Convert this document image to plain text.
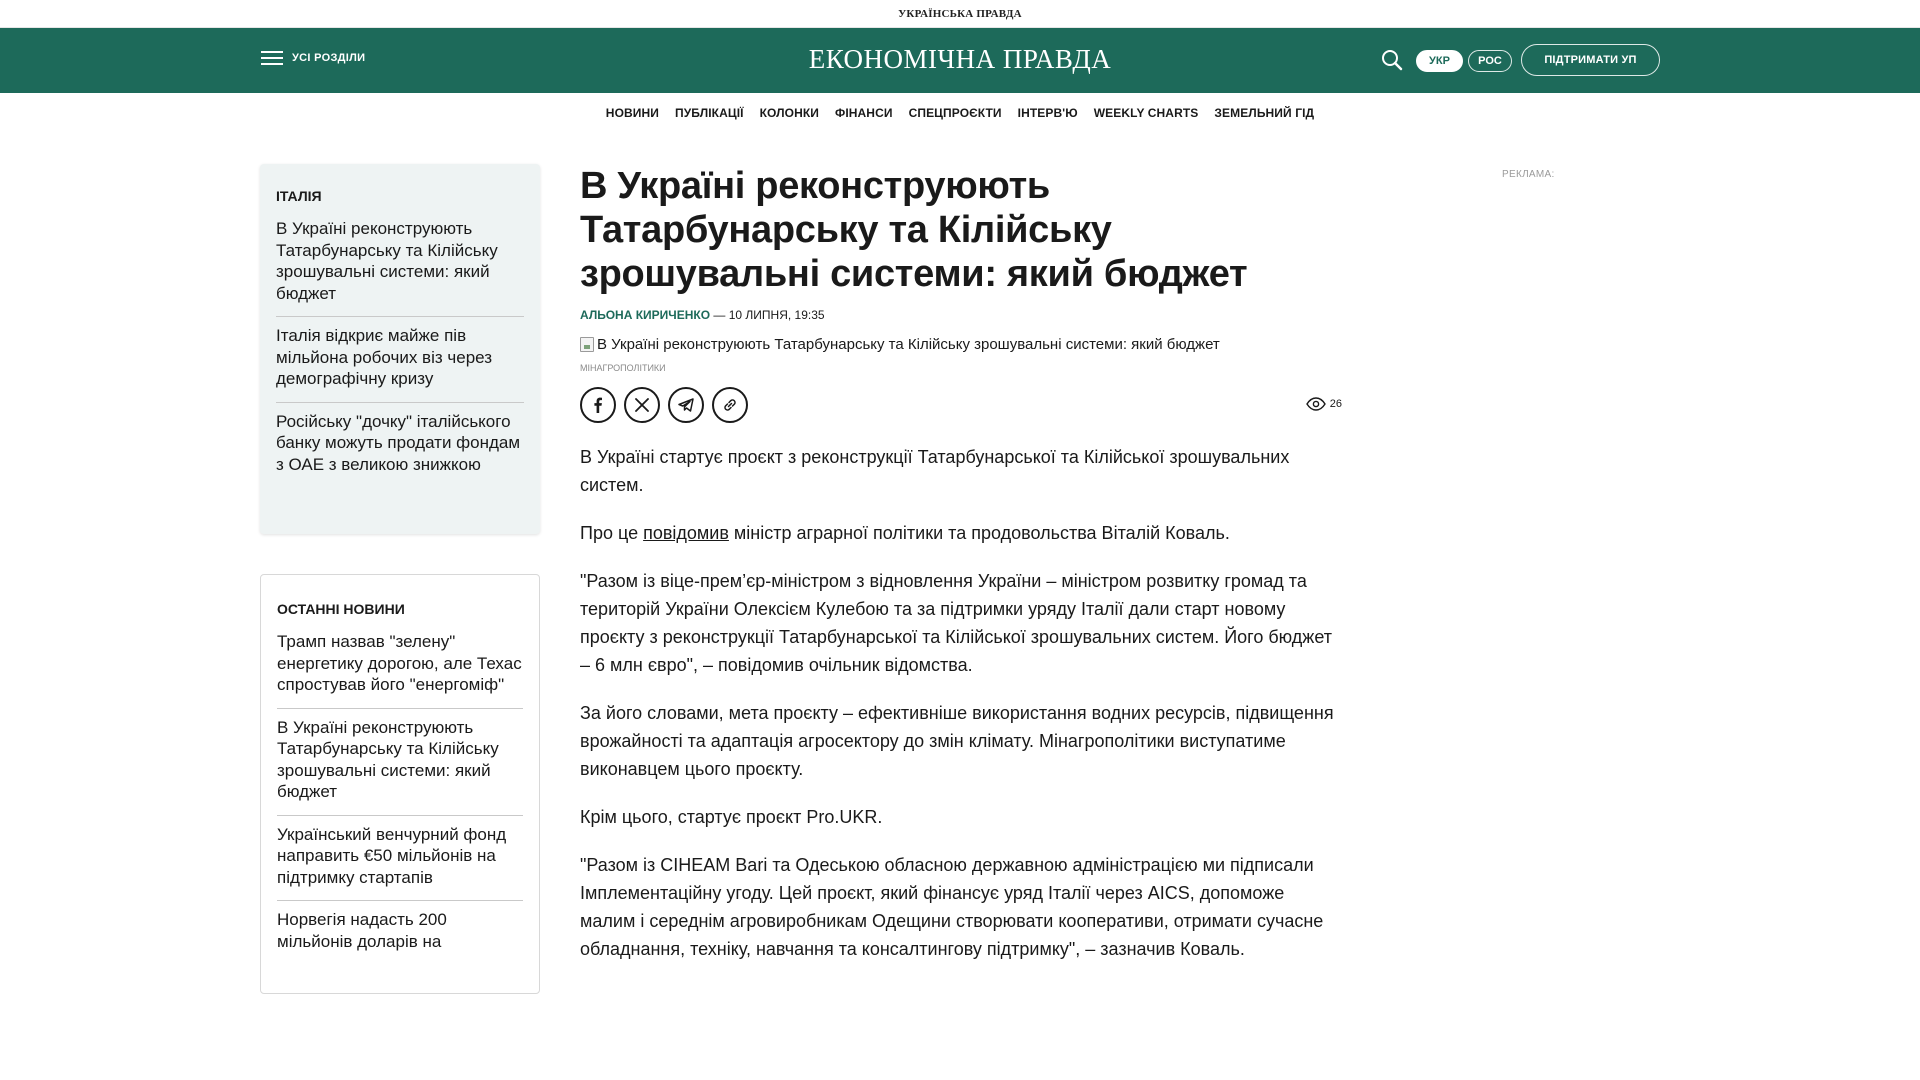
УКРАЇНСЬКА ПРАВДА
УСІ РОЗДІЛИ	ЕКОНОМІЧНА ПРАВДА	УКР	РОС	ПІДТРИМАТИ УП
НОВИНИ ПУБЛІКАЦІЇ КОЛОНКИ ФІНАНСИ СПЕЦПРОЄКТИ ІНТЕРВ'Ю WEEKLY CHARTS ЗЕМЕЛЬНИЙ ГІД
ІТАЛІЯ
В Україні реконструюють Татарбунарську та Кілійську зрошувальні системи: який бюджет
Італія відкриє майже пів мільйона робочих віз через демографічну кризу
Російську "дочку" італійського банку можуть продати фондам з ОАЕ з великою знижкою
ОСТАННІ НОВИНИ
Трамп назвав "зелену" енергетику дорогою, але Техас спростував його "енергоміф"
В Україні реконструюють Татарбунарську та Кілійську зрошувальні системи: який бюджет
Український венчурний фонд направить €50 мільйонів на підтримку стартапів
Норвегія надасть 200 мільйонів доларів на
В Україні реконструюють Татарбунарську та Кілійську зрошувальні системи: який бюджет
АЛЬОНА КИРИЧЕНКО — 10 ЛИПНЯ, 19:35
В Україні реконструюють Татарбунарську та Кілійську зрошувальні системи: який бюджет
МІНАГРОПОЛІТИКИ
26

В Україні стартує проєкт з реконструкції Татарбунарської та Кілійської зрошувальних систем.

Про це повідомив міністр аграрної політики та продовольства Віталій Коваль.

"Разом із віце-прем’єр-міністром з відновлення України – міністром розвитку громад та територій України Олексієм Кулебою та за підтримки уряду Італії дали старт новому проєкту з реконструкції Татарбунарської та Кілійської зрошувальних систем. Його бюджет – 6 млн євро", – повідомив очільник відомства.

За його словами, мета проєкту – ефективніше використання водних ресурсів, підвищення врожайності та адаптація агросектору до змін клімату. Мінагрополітики виступатиме виконавцем цього проєкту.

Крім цього, стартує проєкт Pro.UKR.

"Разом із CIHEAM Bari та Одеською обласною державною адміністрацією ми підписали Імплементаційну угоду. Цей проєкт, який фінансує уряд Італії через AICS, допоможе малим і середнім агровиробникам Одещини створювати кооперативи, отримати сучасне обладнання, техніку, навчання та консалтингову підтримку", – зазначив Коваль.

РЕКЛАМА:
